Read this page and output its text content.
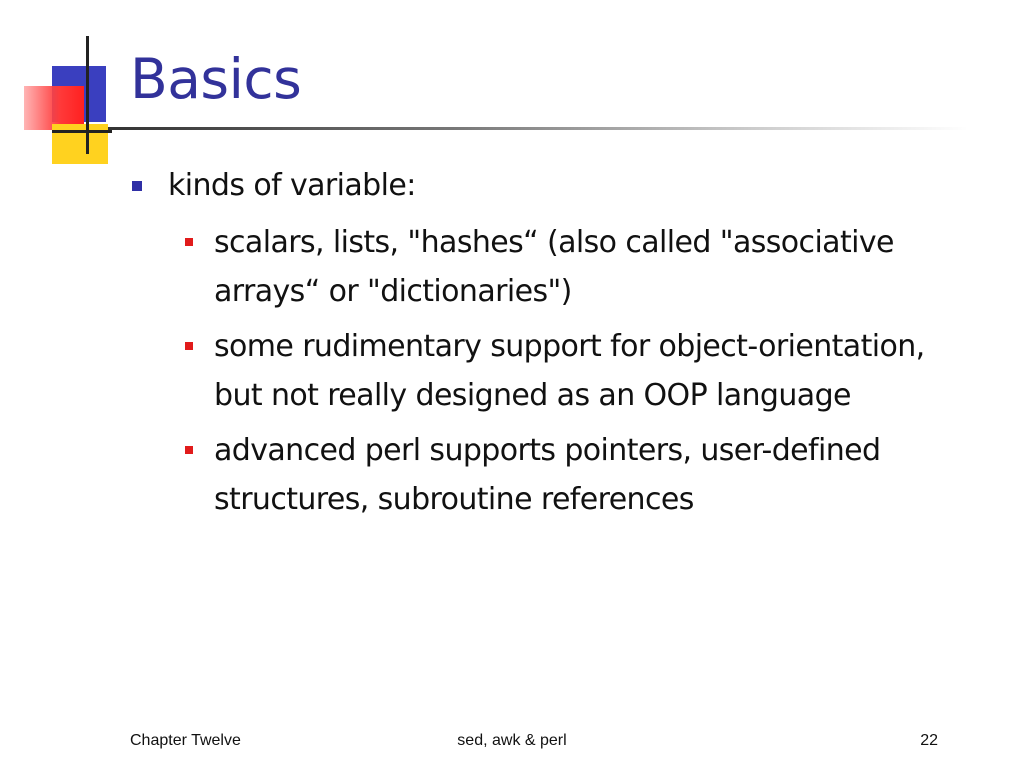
Basics
kinds of variable:
scalars, lists, "hashes“ (also called "associative arrays“ or "dictionaries")
some rudimentary support for object-orientation, but not really designed as an OOP language
advanced perl supports pointers, user-defined structures, subroutine references
Chapter Twelve	sed, awk & perl	22
